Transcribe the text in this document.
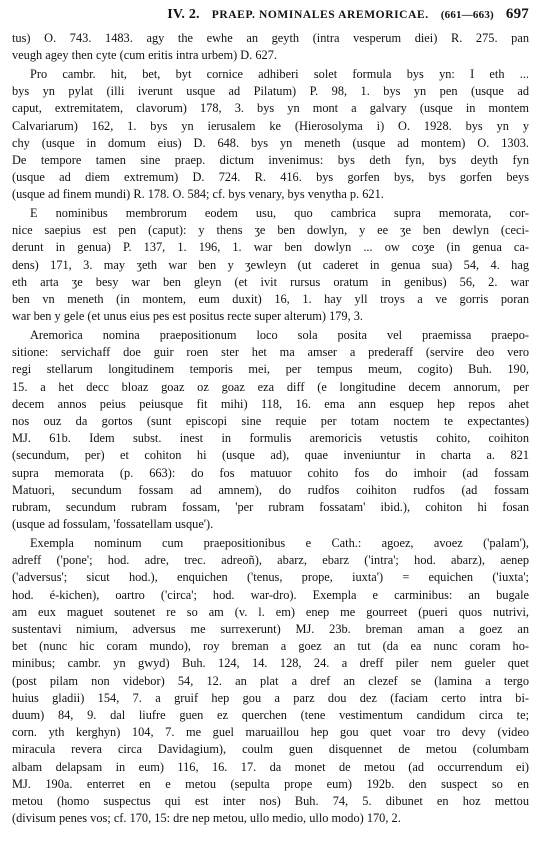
IV. 2. PRAEP. NOMINALES AREMORICAE. (661—663) 697

tus) O. 743. 1483. agy the ewhe an geyth (intra vesperum diei) R. 275. pan
veugh agey then cyte (cum eritis intra urbem) D. 627.

Pro cambr. hit, bet, byt cornice adhiberi solet formula bys yn: I eth ...
bys yn pylat (illi iverunt usque ad Pilatum) P. 98, 1. bys yn pen (usque ad
caput, extremitatem, clavorum) 178, 3. bys yn mont a galvary (usque in montem
Calvariarum) 162, 1. bys yn ierusalem ke (Hierosolyma i) O. 1928. bys yn y
chy (usque in domum eius) D. 648. bys yn meneth (usque ad montem) O. 1303.
De tempore tamen sine praep. dictum invenimus: bys deth fyn, bys deyth fyn
(usque ad diem extremum) D. 724. R. 416. bys gorfen bys, bys gorfen beys
(usque ad finem mundi) R. 178. O. 584; cf. bys venary, bys venytha p. 621.

E nominibus membrorum eodem usu, quo cambrica supra memorata, cor-
nice saepius est pen (caput): y thens ʒe ben dowlyn, y ee ʒe ben dewlyn (ceci-
derunt in genua) P. 137, 1. 196, 1. war ben dowlyn ... ow coʒe (in genua ca-
dens) 171, 3. may ʒeth war ben y ʒewleyn (ut caderet in genua sua) 54, 4. hag
eth arta ʒe besy war ben gleyn (et ivit rursus oratum in genibus) 56, 2. war
ben vn meneth (in montem, eum duxit) 16, 1. hay yll troys a ve gorris poran
war ben y gele (et unus eius pes est positus recte super alterum) 179, 3.

Aremorica nomina praepositionum loco sola posita vel praemissa praepo-
sitione: servichaff doe guir roen ster het ma amser a prederaff (servire deo vero
regi stellarum longitudinem temporis mei, per tempus meum, cogito) Buh. 190,
15. a het decc bloaz goaz oz goaz eza diff (e longitudine decem annorum, per
decem annos peius peiusque fit mihi) 118, 16. ema ann esquep hep repos ahet
nos ouz da gortos (sunt episcopi sine requie per totam noctem te expectantes)
MJ. 61b. Idem subst. inest in formulis aremoricis vetustis cohito, coihiton
(secundum, per) et cohiton hi (usque ad), quae inveniuntur in charta a. 821
supra memorata (p. 663): do fos matuuor cohito fos do imhoir (ad fossam
Matuori, secundum fossam ad amnem), do rudfos coihiton rudfos (ad fossam
rubram, secundum rubram fossam, 'per rubram fossatam' ibid.), cohiton hi fosan
(usque ad fossulam, 'fossatellam usque').

Exempla nominum cum praepositionibus e Cath.: agoez, avoez ('palam'),
adreff ('pone'; hod. adre, trec. adreoñ), abarz, ebarz ('intra'; hod. abarz), aenep
('adversus'; sicut hod.), enquichen ('tenus, prope, iuxta') = equichen ('iuxta';
hod. é-kichen), oartro ('circa'; hod. war-dro). Exempla e carminibus: an bugale
am eux maguet soutenet re so am (v. l. em) enep me gourreet (pueri quos nutrivi,
sustentavi nimium, adversus me surrexerunt) MJ. 23b. breman aman a goez an
bet (nunc hic coram mundo), roy breman a goez an tut (da ea nunc coram ho-
minibus; cambr. yn gwyd) Buh. 124, 14. 128, 24. a dreff piler nem gueler quet
(post pilam non videbor) 54, 12. an plat a dref an clezef se (lamina a tergo
huius gladii) 154, 7. a gruif hep gou a parz dou dez (faciam certo intra bi-
duum) 84, 9. dal liufre guen ez querchen (tene vestimentum candidum circa te;
corn. yth kerghyn) 104, 7. me guel maruaillou hep gou quet voar tro devy (video
miracula revera circa Davidagium), coulm guen disquennet de metou (columbam
albam delapsam in eum) 116, 16. 17. da monet de metou (ad occurrendum ei)
MJ. 190a. enterret en e metou (sepulta prope eum) 192b. den suspect so en
metou (homo suspectus qui est inter nos) Buh. 74, 5. dibunet en hoz mettou
(divisum penes vos; cf. 170, 15: dre nep metou, ullo medio, ullo modo) 170, 2.
